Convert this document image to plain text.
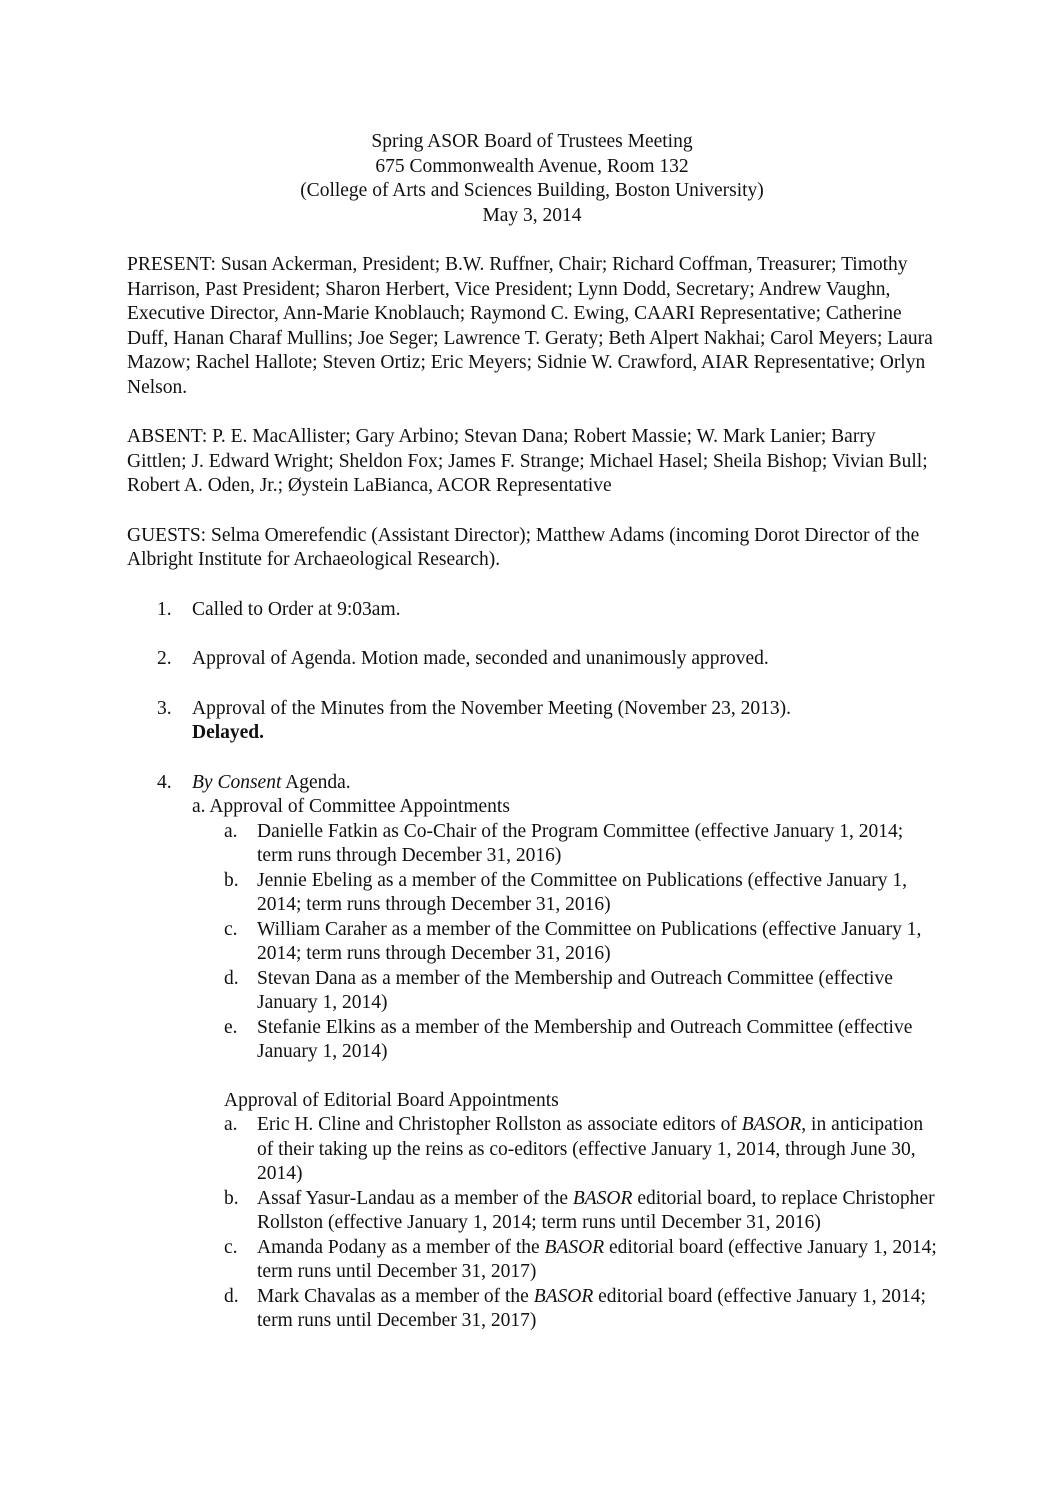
Spring ASOR Board of Trustees Meeting
675 Commonwealth Avenue, Room 132
(College of Arts and Sciences Building, Boston University)
May 3, 2014

PRESENT: Susan Ackerman, President; B.W. Ruffner, Chair; Richard Coffman, Treasurer; Timothy Harrison, Past President; Sharon Herbert, Vice President; Lynn Dodd, Secretary; Andrew Vaughn, Executive Director, Ann-Marie Knoblauch; Raymond C. Ewing, CAARI Representative; Catherine Duff, Hanan Charaf Mullins; Joe Seger; Lawrence T. Geraty; Beth Alpert Nakhai; Carol Meyers; Laura Mazow; Rachel Hallote; Steven Ortiz; Eric Meyers; Sidnie W. Crawford, AIAR Representative; Orlyn Nelson.

ABSENT: P. E. MacAllister; Gary Arbino; Stevan Dana; Robert Massie; W. Mark Lanier; Barry Gittlen; J. Edward Wright; Sheldon Fox; James F. Strange; Michael Hasel; Sheila Bishop; Vivian Bull; Robert A. Oden, Jr.; Øystein LaBianca, ACOR Representative

GUESTS: Selma Omerefendic (Assistant Director); Matthew Adams (incoming Dorot Director of the Albright Institute for Archaeological Research).

1. Called to Order at 9:03am.
2. Approval of Agenda. Motion made, seconded and unanimously approved.
3. Approval of the Minutes from the November Meeting (November 23, 2013).
Delayed.
4. By Consent Agenda.
a. Approval of Committee Appointments
a. Danielle Fatkin as Co-Chair of the Program Committee (effective January 1, 2014; term runs through December 31, 2016)
b. Jennie Ebeling as a member of the Committee on Publications (effective January 1, 2014; term runs through December 31, 2016)
c. William Caraher as a member of the Committee on Publications (effective January 1, 2014; term runs through December 31, 2016)
d. Stevan Dana as a member of the Membership and Outreach Committee (effective January 1, 2014)
e. Stefanie Elkins as a member of the Membership and Outreach Committee (effective January 1, 2014)
Approval of Editorial Board Appointments
a. Eric H. Cline and Christopher Rollston as associate editors of BASOR, in anticipation of their taking up the reins as co-editors (effective January 1, 2014, through June 30, 2014)
b. Assaf Yasur-Landau as a member of the BASOR editorial board, to replace Christopher Rollston (effective January 1, 2014; term runs until December 31, 2016)
c. Amanda Podany as a member of the BASOR editorial board (effective January 1, 2014; term runs until December 31, 2017)
d. Mark Chavalas as a member of the BASOR editorial board (effective January 1, 2014; term runs until December 31, 2017)
